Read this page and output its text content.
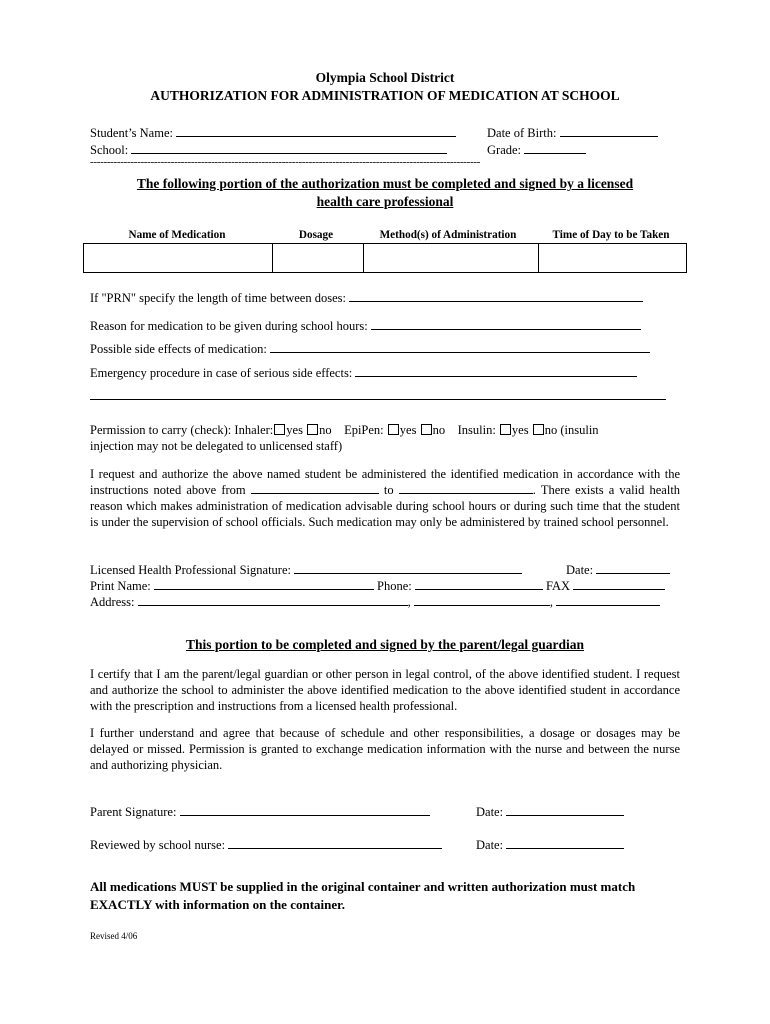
Olympia School District
AUTHORIZATION FOR ADMINISTRATION OF MEDICATION AT SCHOOL
Student’s Name:	Date of Birth:
School:	Grade:
--------------------------------------------------------------------------------------------------------------------
The following portion of the authorization must be completed and signed by a licensed
health care professional
Name of Medication	Dosage	Method(s) of Administration	Time of Day to be Taken

If "PRN" specify the length of time between doses:
Reason for medication to be given during school hours:
Possible side effects of medication:
Emergency procedure in case of serious side effects:
Permission to carry (check): Inhaler: yes no EpiPen: yes no Insulin: yes no (insulin
injection may not be delegated to unlicensed staff)
I request and authorize the above named student be administered the identified medication in accordance with the instructions noted above from	to	. There exists a valid health reason which makes administration of medication advisable during school hours or during such time that the student is under the supervision of school officials. Such medication may only be administered by trained school personnel.
Licensed Health Professional Signature:	Date:
Print Name:	Phone:	FAX
Address:	,	,
This portion to be completed and signed by the parent/legal guardian
I certify that I am the parent/legal guardian or other person in legal control, of the above identified student. I request and authorize the school to administer the above identified medication to the above identified student in accordance with the prescription and instructions from a licensed health professional.
I further understand and agree that because of schedule and other responsibilities, a dosage or dosages may be delayed or missed. Permission is granted to exchange medication information with the nurse and between the nurse and authorizing physician.
Parent Signature:	Date:
Reviewed by school nurse:	Date:
All medications MUST be supplied in the original container and written authorization must match
EXACTLY with information on the container.
Revised 4/06
